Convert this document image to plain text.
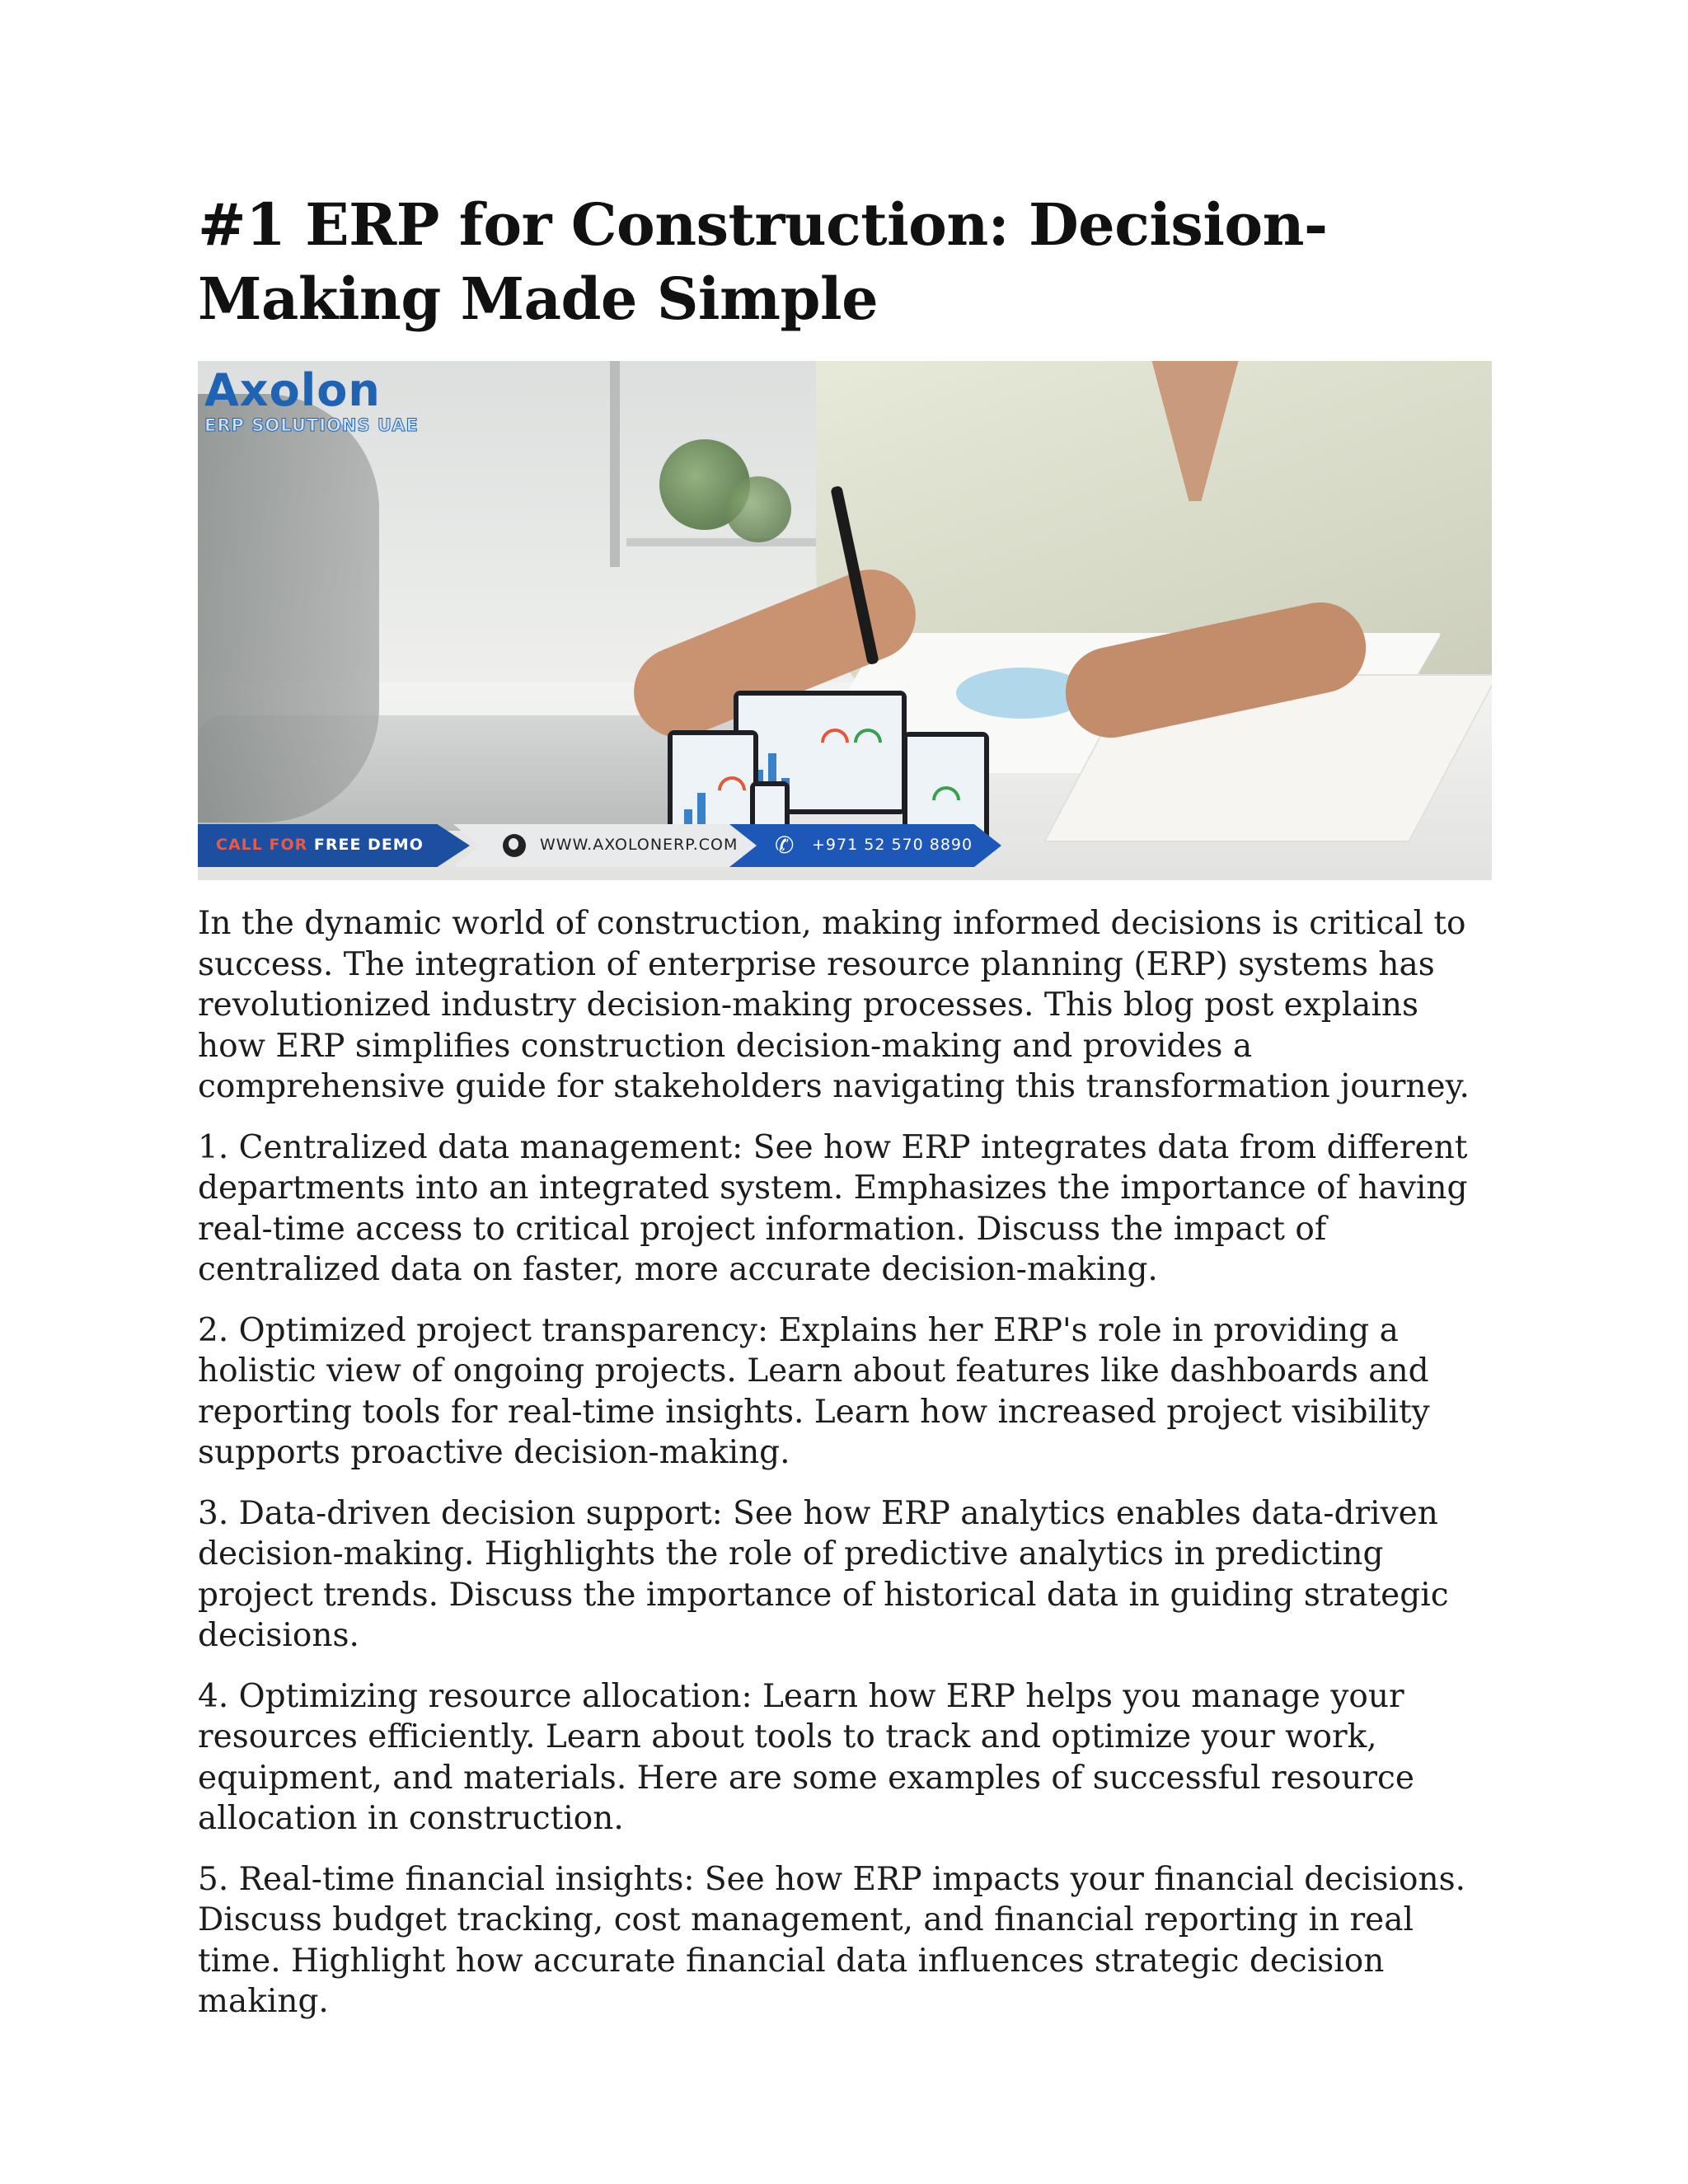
#1 ERP for Construction: Decision-
Making Made Simple
Axolon
ERP SOLUTIONS UAE
CALL FOR FREE DEMO	WWW.AXOLONERP.COM ✆ +971 52 570 8890

In the dynamic world of construction, making informed decisions is critical to success. The integration of enterprise resource planning (ERP) systems has revolutionized industry decision-making processes. This blog post explains how ERP simplifies construction decision-making and provides a comprehensive guide for stakeholders navigating this transformation journey.

1. Centralized data management: See how ERP integrates data from different departments into an integrated system. Emphasizes the importance of having real-time access to critical project information. Discuss the impact of centralized data on faster, more accurate decision-making.

2. Optimized project transparency: Explains her ERP's role in providing a holistic view of ongoing projects. Learn about features like dashboards and reporting tools for real-time insights. Learn how increased project visibility supports proactive decision-making.

3. Data-driven decision support: See how ERP analytics enables data-driven decision-making. Highlights the role of predictive analytics in predicting project trends. Discuss the importance of historical data in guiding strategic decisions.

4. Optimizing resource allocation: Learn how ERP helps you manage your resources efficiently. Learn about tools to track and optimize your work, equipment, and materials. Here are some examples of successful resource allocation in construction.

5. Real-time financial insights: See how ERP impacts your financial decisions. Discuss budget tracking, cost management, and financial reporting in real time. Highlight how accurate financial data influences strategic decision making.
